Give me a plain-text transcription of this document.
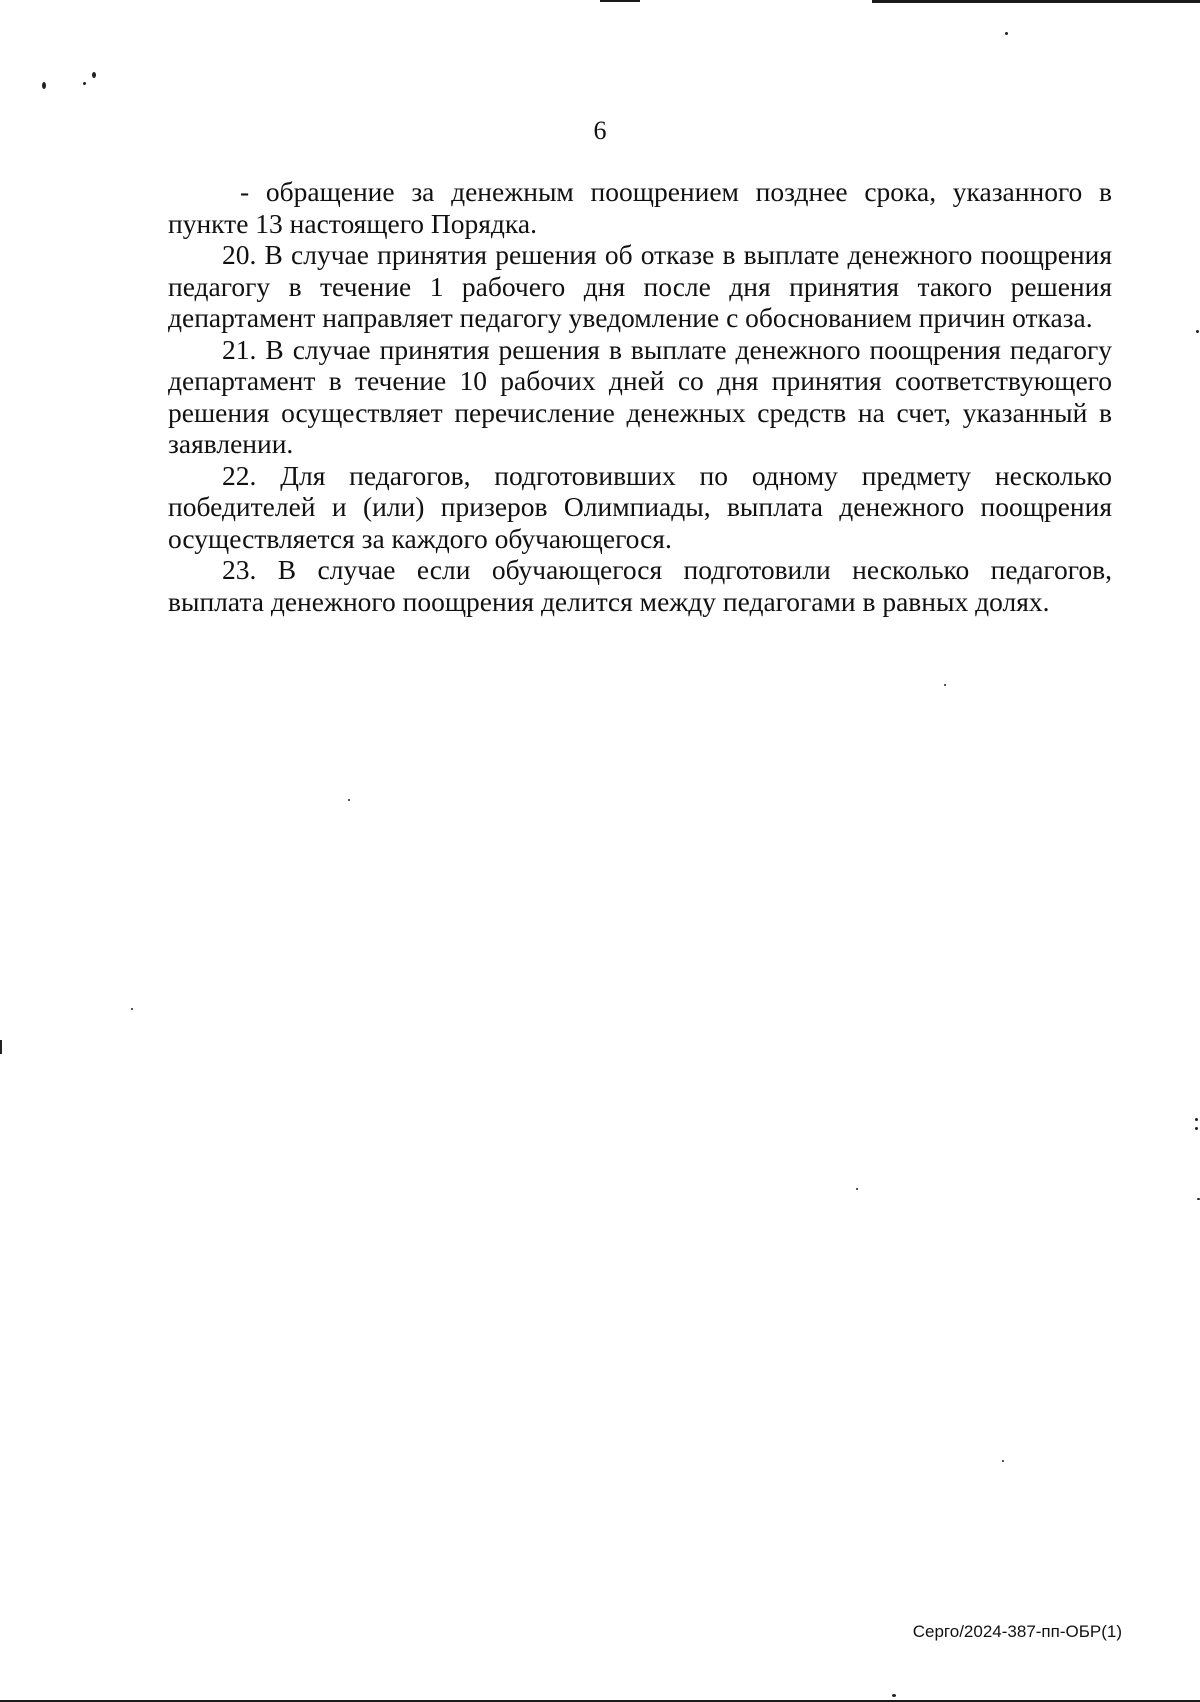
6

- обращение за денежным поощрением позднее срока, указанного в пункте 13 настоящего Порядка.

20. В случае принятия решения об отказе в выплате денежного поощрения педагогу в течение 1 рабочего дня после дня принятия такого решения департамент направляет педагогу уведомление с обоснованием причин отказа.

21. В случае принятия решения в выплате денежного поощрения педагогу департамент в течение 10 рабочих дней со дня принятия соответствующего решения осуществляет перечисление денежных средств на счет, указанный в заявлении.

22. Для педагогов, подготовивших по одному предмету несколько победителей и (или) призеров Олимпиады, выплата денежного поощрения осуществляется за каждого обучающегося.

23. В случае если обучающегося подготовили несколько педагогов, выплата денежного поощрения делится между педагогами в равных долях.

Серго/2024-387-пп-ОБР(1)
